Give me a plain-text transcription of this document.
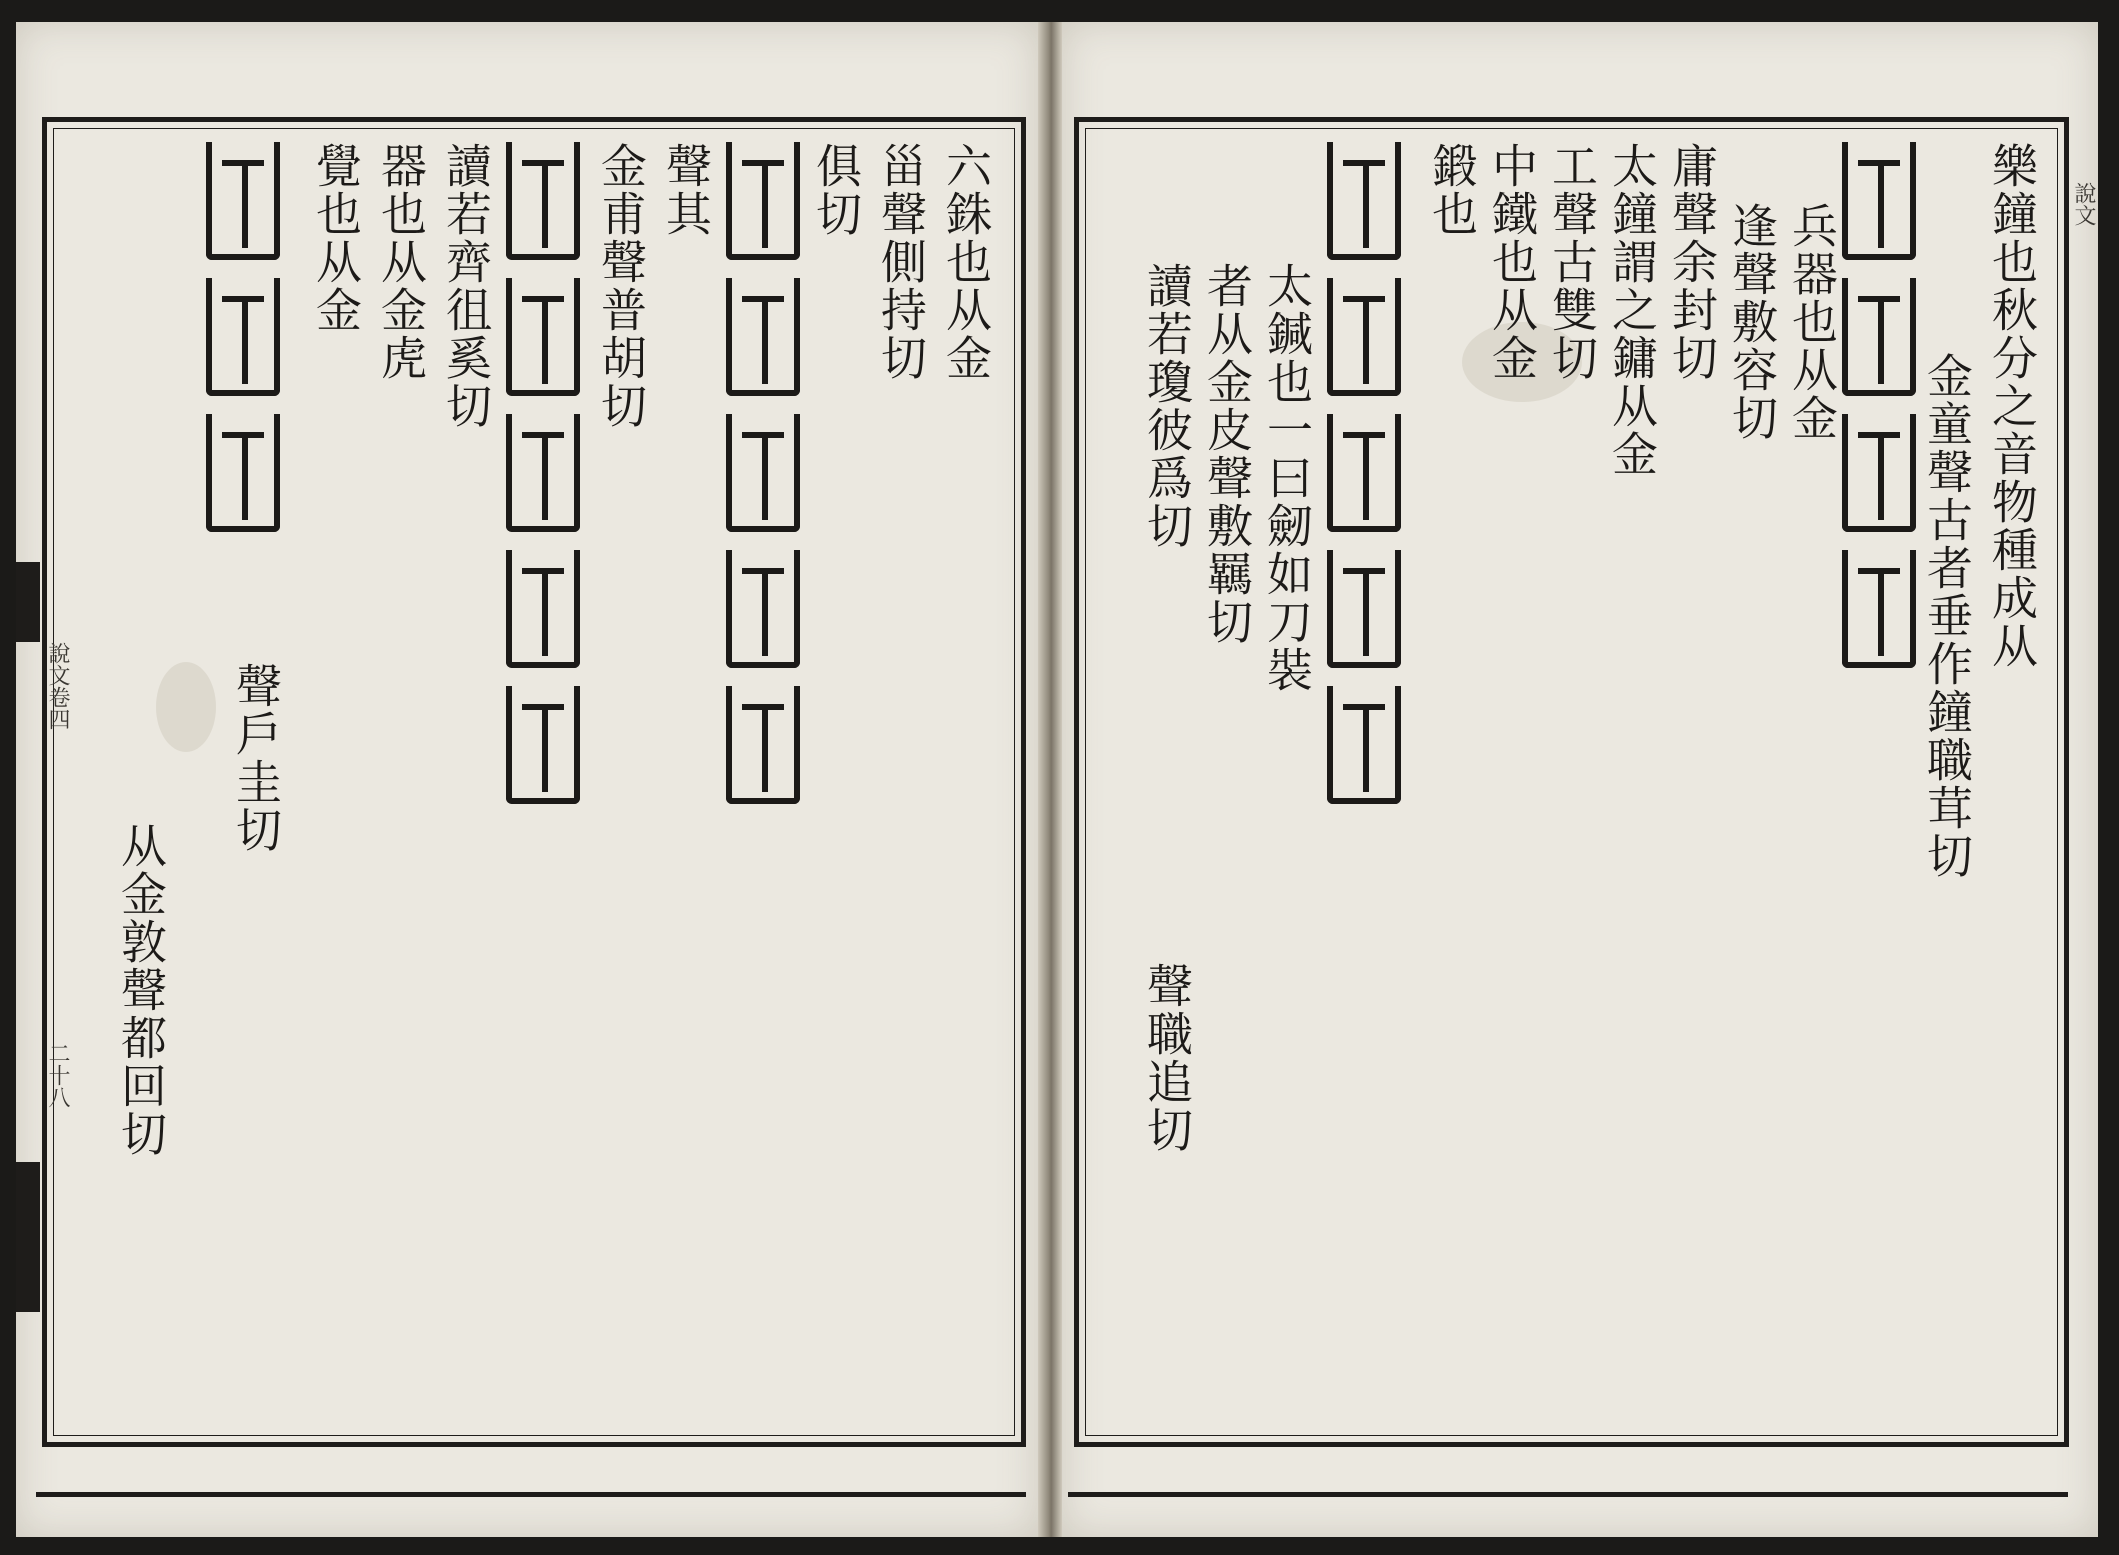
說文卷四
二十八
六銖也从金
甾聲側持切
俱切
聲其
金甫聲普胡切
讀若齊徂奚切
器也从金虎
覺也从金
聲戶圭切
从金敦聲都回切
說文
樂鐘也秋分之音物種成从
金童聲古者垂作鐘職茸切
兵器也从金
逢聲敷容切
庸聲余封切
太鐘謂之鏞从金
工聲古雙切
中鐵也从金
鍛也
太鍼也一曰劒如刀裝
者从金皮聲敷羈切
讀若瓊彼爲切
聲職追切
